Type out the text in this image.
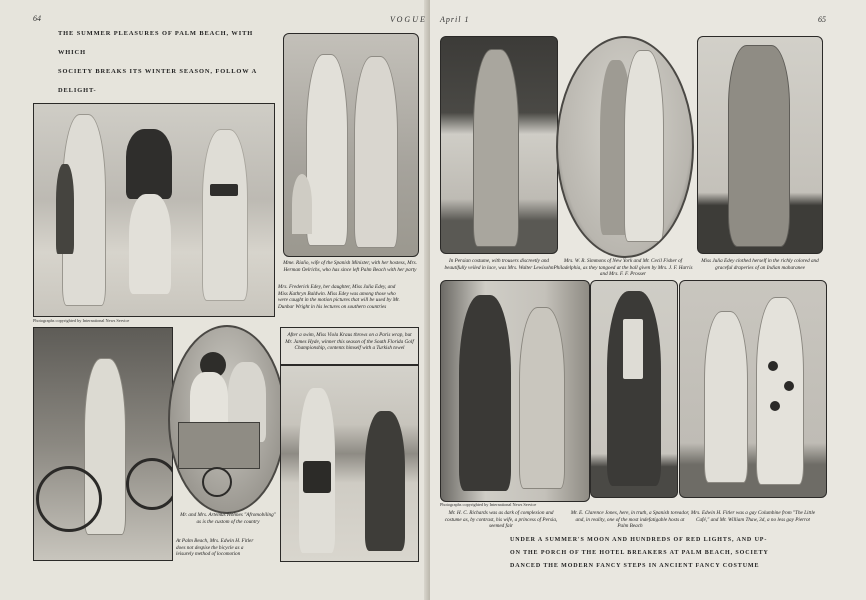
64
THE SUMMER PLEASURES OF PALM BEACH, WITH WHICH
SOCIETY BREAKS ITS WINTER SEASON, FOLLOW A DELIGHT-
Photographs copyrighted by International News Service
Mme. Riaño, wife of the Spanish Minister, with her hostess, Mrs. Herman Oelrichs, who has since left Palm Beach with her party
Mrs. Frederick Edey, her daughter, Miss Julia Edey, and Miss Kathryn Baldwin. Miss Edey was among those who were caught in the motion pictures that will be used by Mr. Dunbar Wright in his lectures on southern countries
Mr. and Mrs. Artemus Holmes "Afromobiling" as is the custom of the country
At Palm Beach, Mrs. Edwin H. Fitler does not despise the bicycle as a leisurely method of locomotion
After a swim, Miss Viola Kraus throws on a Paris wrap, but Mr. James Hyde, winner this season of the South Florida Golf Championship, contents himself with a Turkish towel
VOGUE April 1	65
In Persian costume, with trousers discreetly and beautifully veiled in lace, was Mrs. Walter Lewisohn
Mrs. W. R. Simmons of New York and Mr. Cecil Fisher of Philadelphia, as they tangoed at the ball given by Mrs. J. F. Harris and Mrs. F. F. Prosser
Miss Julia Edey clothed herself in the richly colored and graceful draperies of an Indian maharanee
Photographs copyrighted by International News Service
Mr. H. C. Richards was as dark of complexion and costume as, by contrast, his wife, a princess of Persia, seemed fair
Mr. E. Clarence Jones, here, in truth, a Spanish toreador, and, in reality, one of the most indefatigable hosts at Palm Beach
Mrs. Edwin H. Fitler was a gay Columbine from "The Little Café," and Mr. William Thaw, 3d, a no less gay Pierrot
UNDER A SUMMER'S MOON AND HUNDREDS OF RED LIGHTS, AND UP-
ON THE PORCH OF THE HOTEL BREAKERS AT PALM BEACH, SOCIETY
DANCED THE MODERN FANCY STEPS IN ANCIENT FANCY COSTUME
